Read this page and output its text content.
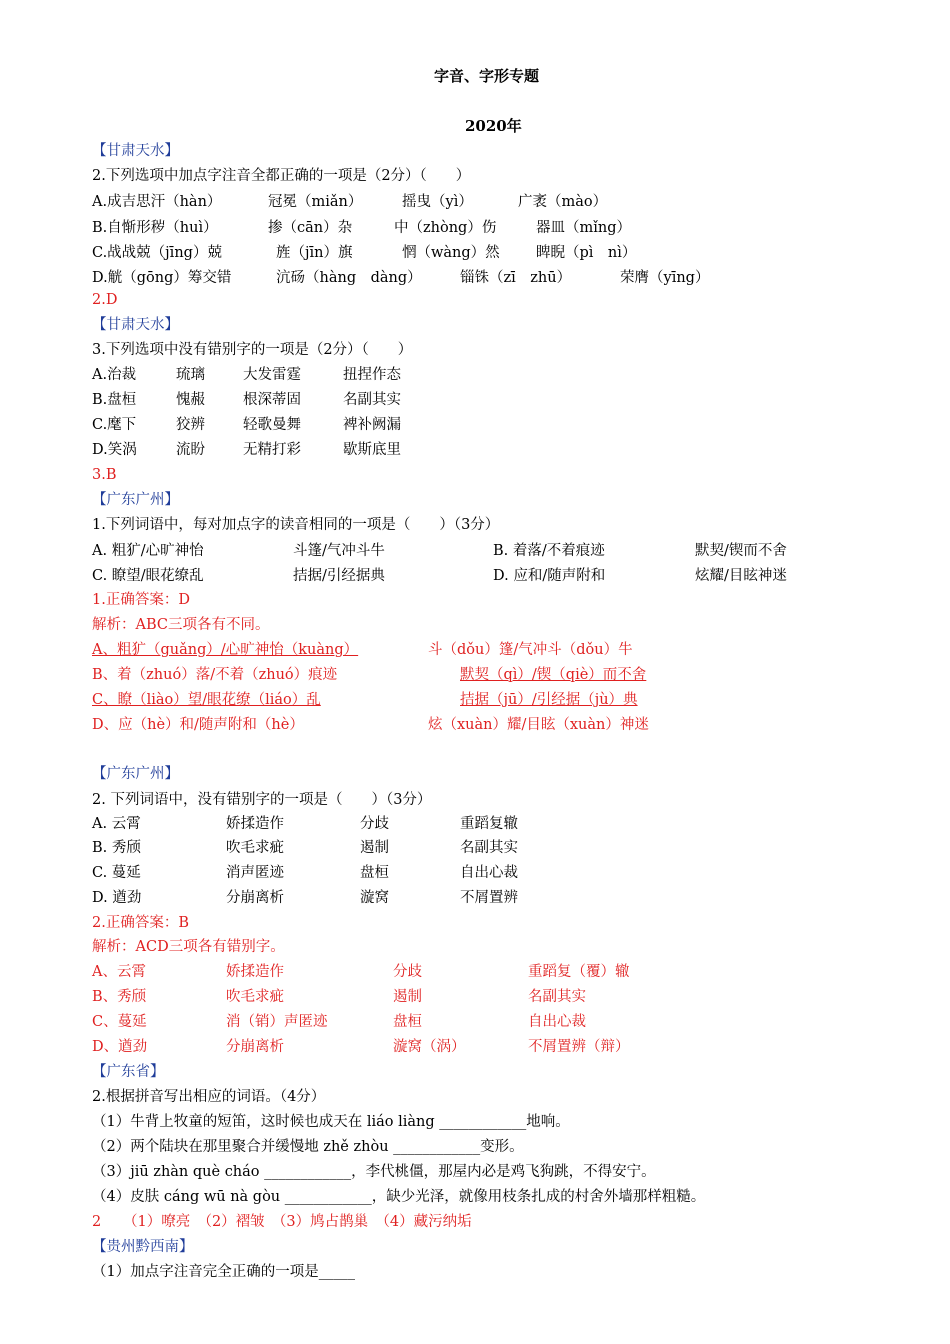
字音、字形专题
2020年
【甘肃天水】
2.下列选项中加点字注音全都正确的一项是（2分）（　　）
A.成吉思汗（hàn）	冠冕（miǎn）	摇曳（yì）	广袤（mào）
B.自惭形秽（huì）	掺（cān）杂	中（zhòng）伤	器皿（mǐng）
C.战战兢（jīng）兢	旌（jīn）旗	惘（wàng）然	睥睨（pì　nì）
D.觥（gōng）筹交错	沆砀（hàng　dàng）	锱铢（zī　zhū）	荣膺（yīng）
2.D
【甘肃天水】
3.下列选项中没有错别字的一项是（2分）（　　）
A.治裁	琉璃	大发雷霆	扭捏作态
B.盘桓	愧赧	根深蒂固	名副其实
C.麾下	狡辨	轻歌曼舞	裨补阙漏
D.笑涡	流盼	无精打彩	歇斯底里
3.B
【广东广州】
1.下列词语中，每对加点字的读音相同的一项是（　　）（3分）
A. 粗犷/心旷神怡	斗篷/气冲斗牛	B. 着落/不着痕迹	默契/锲而不舍
C. 瞭望/眼花缭乱	拮据/引经据典	D. 应和/随声附和	炫耀/目眩神迷
1.正确答案：D
解析：ABC三项各有不同。
A、粗犷（guǎng）/心旷神怡（kuàng）	斗（dǒu）篷/气冲斗（dǒu）牛
B、着（zhuó）落/不着（zhuó）痕迹	默契（qì）/锲（qiè）而不舍
C、瞭（liào）望/眼花缭（liáo）乱	拮据（jū）/引经据（jù）典
D、应（hè）和/随声附和（hè）	炫（xuàn）耀/目眩（xuàn）神迷
【广东广州】
2. 下列词语中，没有错别字的一项是（　　）（3分）
A. 云霄	娇揉造作	分歧	重蹈复辙
B. 秀颀	吹毛求疵	遏制	名副其实
C. 蔓延	消声匿迹	盘桓	自出心裁
D. 遒劲	分崩离析	漩窝	不屑置辨
2.正确答案：B
解析：ACD三项各有错别字。
A、云霄	娇揉造作	分歧	重蹈复（覆）辙
B、秀颀	吹毛求疵	遏制	名副其实
C、蔓延	消（销）声匿迹	盘桓	自出心裁
D、遒劲	分崩离析	漩窝（涡）	不屑置辨（辩）
【广东省】
2.根据拼音写出相应的词语。（4分）
（1）牛背上牧童的短笛，这时候也成天在 liáo liàng ____________地响。
（2）两个陆块在那里聚合并缓慢地 zhě zhòu ____________变形。
（3）jiū zhàn què cháo ____________，李代桃僵，那屋内必是鸡飞狗跳，不得安宁。
（4）皮肤 cáng wū nà gòu ____________，缺少光泽，就像用枝条扎成的村舍外墙那样粗糙。
2　　（1）嘹亮　（2）褶皱　（3）鸠占鹊巢　（4）藏污纳垢
【贵州黔西南】
（1）加点字注音完全正确的一项是_____
